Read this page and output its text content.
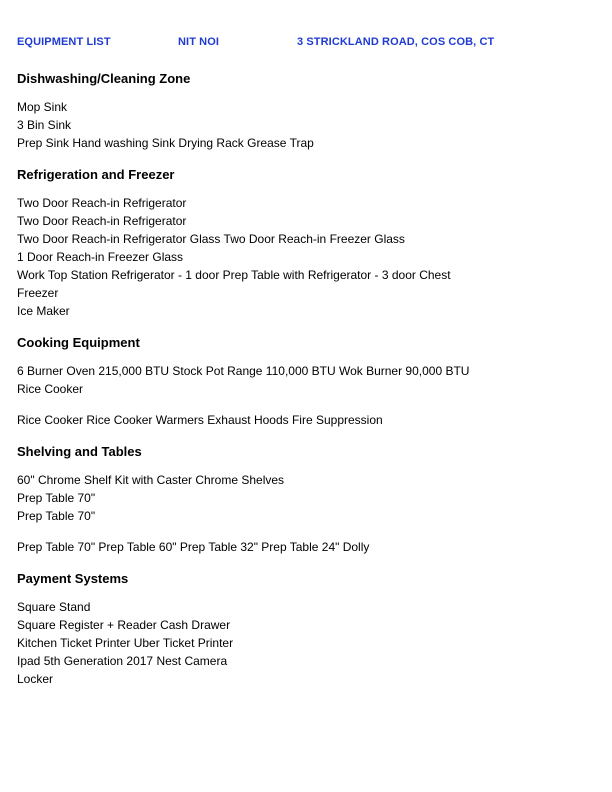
EQUIPMENT LIST	NIT NOI	3 STRICKLAND ROAD, COS COB, CT
Dishwashing/Cleaning Zone
Mop Sink
3 Bin Sink
Prep Sink Hand washing Sink Drying Rack Grease Trap
Refrigeration and Freezer
Two Door Reach-in Refrigerator
Two Door Reach-in Refrigerator
Two Door Reach-in Refrigerator Glass Two Door Reach-in Freezer Glass
1 Door Reach-in Freezer Glass
Work Top Station Refrigerator - 1 door Prep Table with Refrigerator - 3 door Chest
Freezer
Ice Maker
Cooking Equipment
6 Burner Oven 215,000 BTU Stock Pot Range 110,000 BTU Wok Burner 90,000 BTU
Rice Cooker
Rice Cooker Rice Cooker Warmers Exhaust Hoods Fire Suppression
Shelving and Tables
60" Chrome Shelf Kit with Caster Chrome Shelves
Prep Table 70"
Prep Table 70"
Prep Table 70" Prep Table 60" Prep Table 32" Prep Table 24" Dolly
Payment Systems
Square Stand
Square Register + Reader Cash Drawer
Kitchen Ticket Printer Uber Ticket Printer
Ipad 5th Generation 2017 Nest Camera
Locker
